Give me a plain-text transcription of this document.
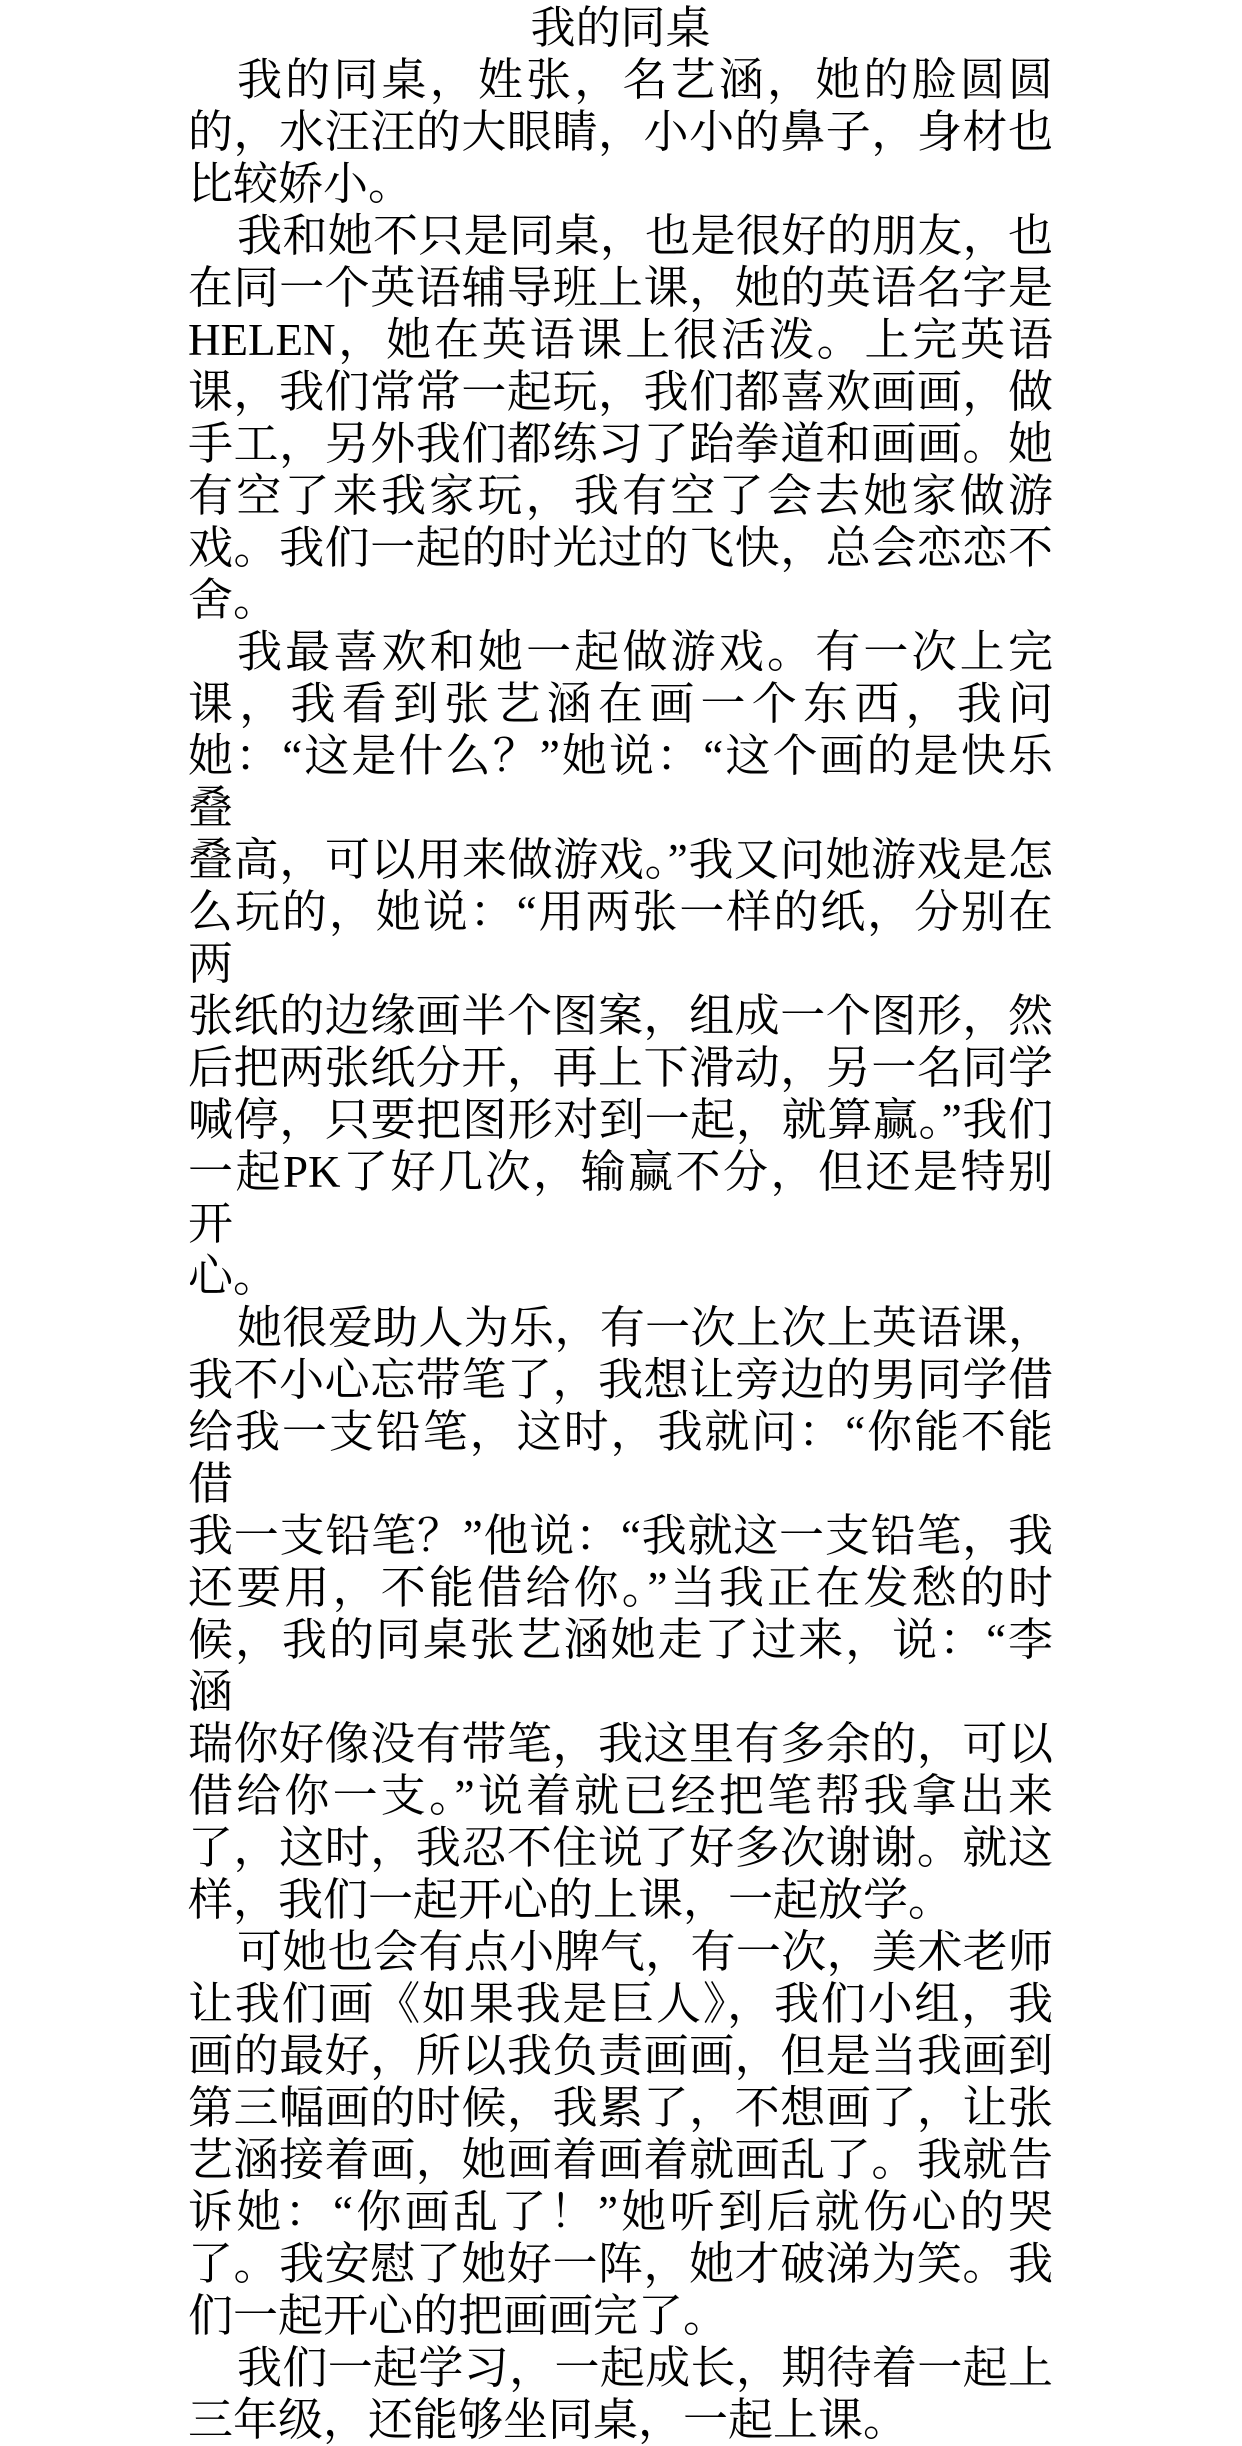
我的同桌
我的同桌，姓张，名艺涵，她的脸圆圆
的，水汪汪的大眼睛，小小的鼻子，身材也
比较娇小。
我和她不只是同桌，也是很好的朋友，也
在同一个英语辅导班上课，她的英语名字是
HELEN，她在英语课上很活泼。上完英语
课，我们常常一起玩，我们都喜欢画画，做
手工，另外我们都练习了跆拳道和画画。她
有空了来我家玩，我有空了会去她家做游
戏。我们一起的时光过的飞快，总会恋恋不
舍。
我最喜欢和她一起做游戏。有一次上完
课，我看到张艺涵在画一个东西，我问
她：“这是什么？”她说：“这个画的是快乐叠
叠高，可以用来做游戏。”我又问她游戏是怎
么玩的，她说：“用两张一样的纸，分别在两
张纸的边缘画半个图案，组成一个图形，然
后把两张纸分开，再上下滑动，另一名同学
喊停，只要把图形对到一起，就算赢。”我们
一起PK了好几次，输赢不分，但还是特别开
心。
她很爱助人为乐，有一次上次上英语课，
我不小心忘带笔了，我想让旁边的男同学借
给我一支铅笔，这时，我就问：“你能不能借
我一支铅笔？”他说：“我就这一支铅笔，我
还要用，不能借给你。”当我正在发愁的时
候，我的同桌张艺涵她走了过来，说：“李涵
瑞你好像没有带笔，我这里有多余的，可以
借给你一支。”说着就已经把笔帮我拿出来
了，这时，我忍不住说了好多次谢谢。就这
样，我们一起开心的上课，一起放学。
可她也会有点小脾气，有一次，美术老师
让我们画《如果我是巨人》，我们小组，我
画的最好，所以我负责画画，但是当我画到
第三幅画的时候，我累了，不想画了，让张
艺涵接着画，她画着画着就画乱了。我就告
诉她：“你画乱了！”她听到后就伤心的哭
了。我安慰了她好一阵，她才破涕为笑。我
们一起开心的把画画完了。
我们一起学习，一起成长，期待着一起上
三年级，还能够坐同桌，一起上课。
